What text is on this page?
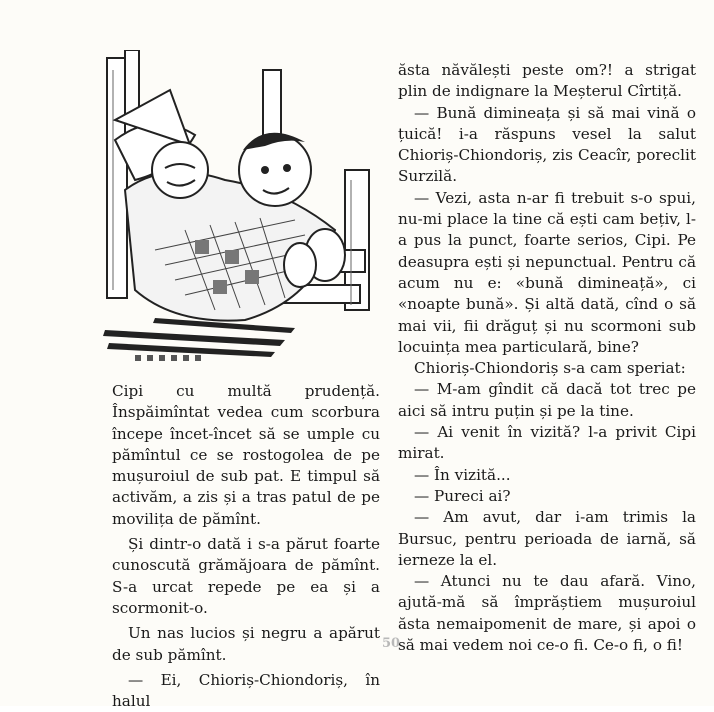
Cipi cu multă prudență. Înspăimîntat vedea cum scorbura începe încet-încet să se umple cu pămîntul ce se rostogolea de pe mușuroiul de sub pat. E timpul să activăm, a zis și a tras patul de pe movilița de pămînt.

Și dintr-o dată i s-a părut foarte cunoscută grămăjoara de pămînt. S-a urcat repede pe ea și a scormonit-o.

Un nas lucios și negru a apărut de sub pămînt.

— Ei, Chioriș-Chiondoriș, în halul

ăsta năvălești peste om?! a strigat plin de indignare la Meșterul Cîrtiță.

— Bună dimineața și să mai vină o țuică! i-a răspuns vesel la salut Chioriș-Chiondoriș, zis Ceacîr, poreclit Surzilă.

— Vezi, asta n-ar fi trebuit s-o spui, nu-mi place la tine că ești cam bețiv, l-a pus la punct, foarte serios, Cipi. Pe deasupra ești și nepunctual. Pentru că acum nu e: «bună dimineață», ci «noapte bună». Și altă dată, cînd o să mai vii, fii drăguț și nu scormoni sub locuința mea particulară, bine?

Chioriș-Chiondoriș s-a cam speriat:

— M-am gîndit că dacă tot trec pe aici să intru puțin și pe la tine.

— Ai venit în vizită? l-a privit Cipi mirat.

— În vizită...

— Pureci ai?

— Am avut, dar i-am trimis la Bursuc, pentru perioada de iarnă, să ierneze la el.

— Atunci nu te dau afară. Vino, ajută-mă să împrăștiem mușuroiul ăsta nemaipomenit de mare, și apoi o să mai vedem noi ce-o fi. Ce-o fi, o fi!

50
